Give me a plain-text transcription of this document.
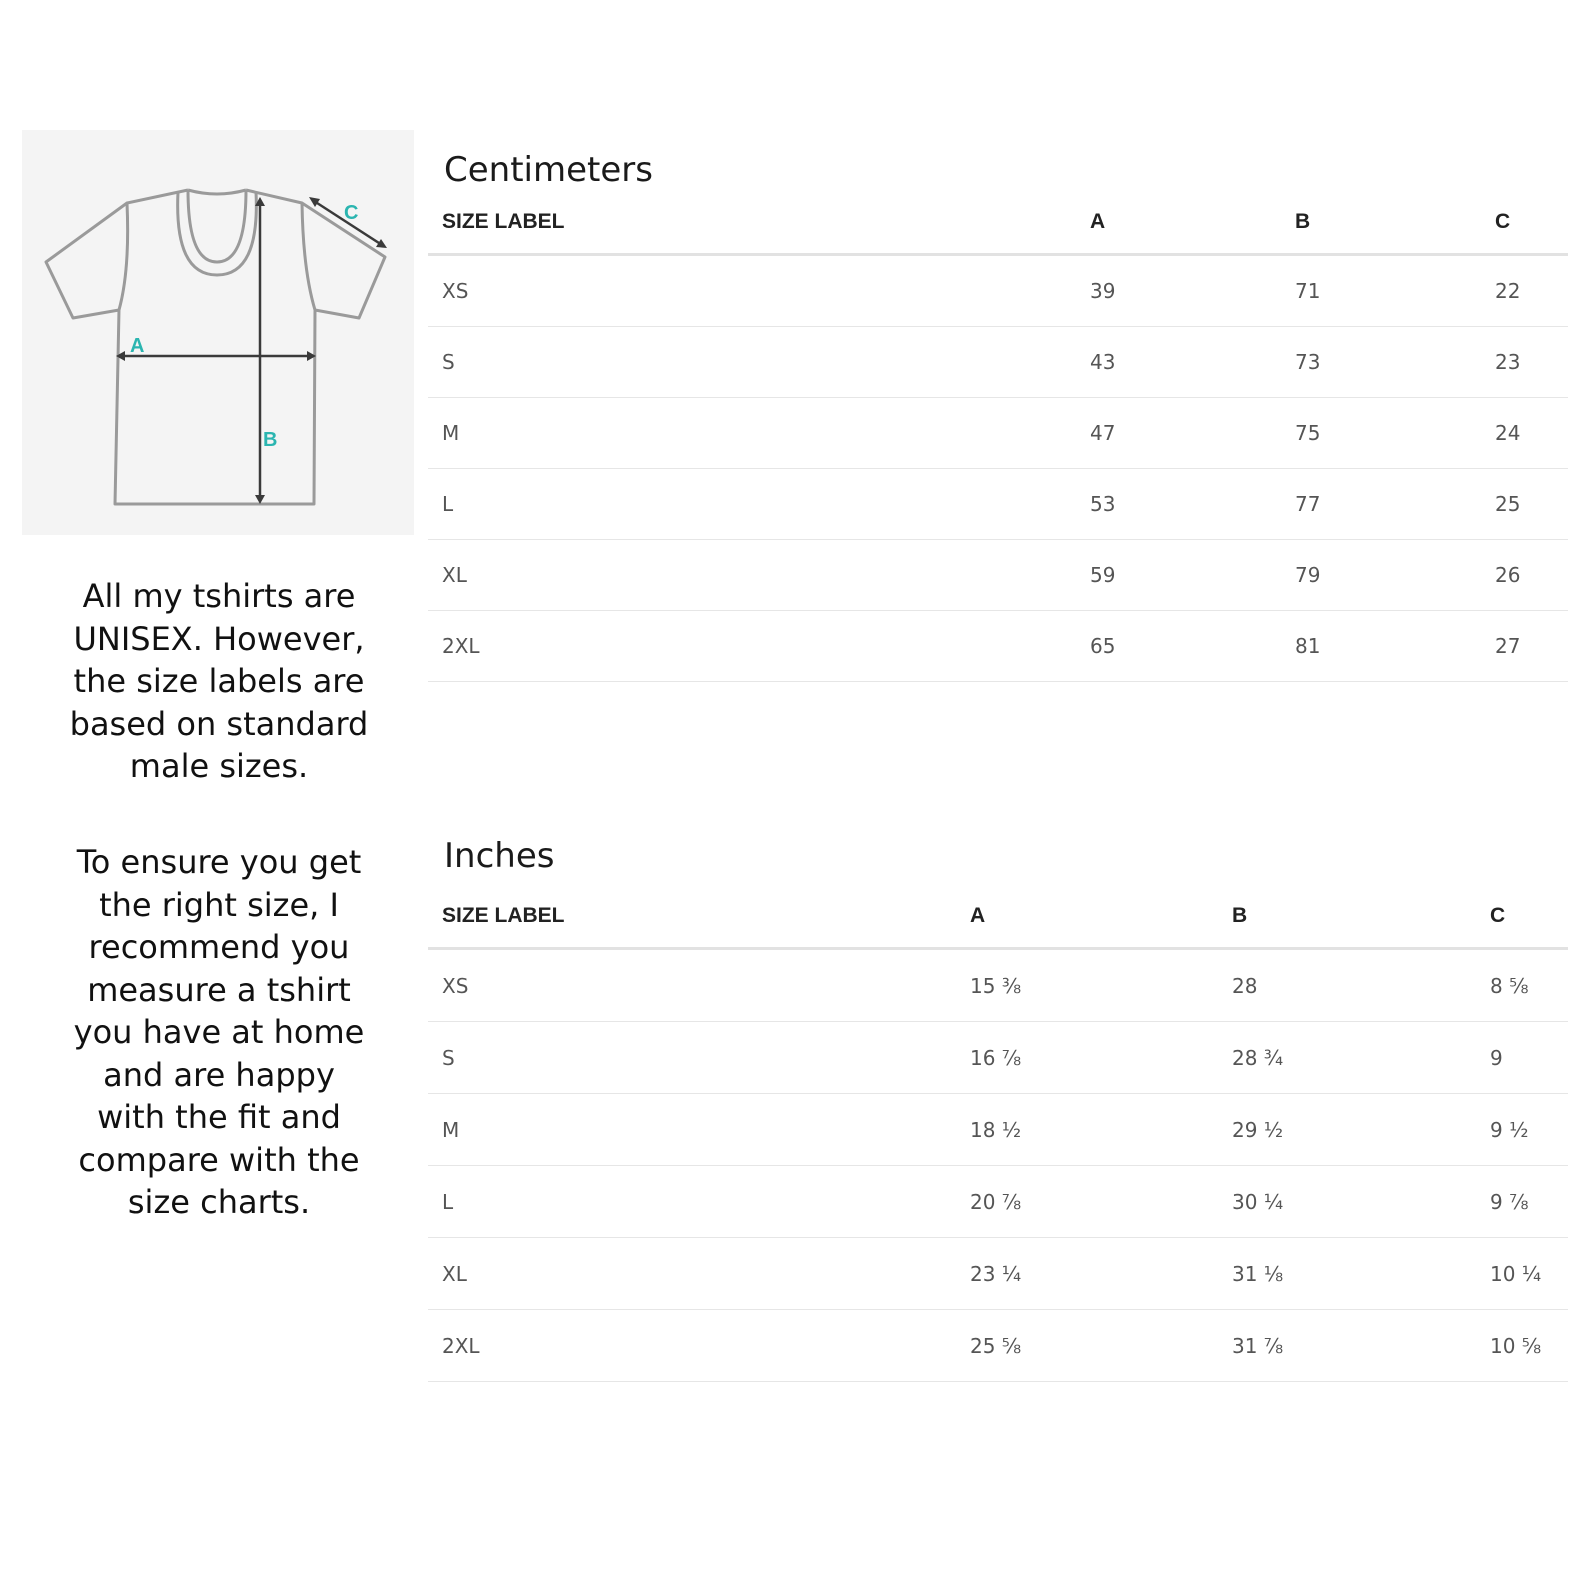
A
B
C
All my tshirts are
UNISEX. However,
the size labels are
based on standard
male sizes.
To ensure you get
the right size, I
recommend you
measure a tshirt
you have at home
and are happy
with the fit and
compare with the
size charts.
Centimeters
SIZE LABEL	A	B	C
XS	39	71	22
S	43	73	23
M	47	75	24
L	53	77	25
XL	59	79	26
2XL	65	81	27
Inches
SIZE LABEL	A	B	C
XS	15 ⅜	28	8 ⅝
S	16 ⅞	28 ¾	9
M	18 ½	29 ½	9 ½
L	20 ⅞	30 ¼	9 ⅞
XL	23 ¼	31 ⅛	10 ¼
2XL	25 ⅝	31 ⅞	10 ⅝
